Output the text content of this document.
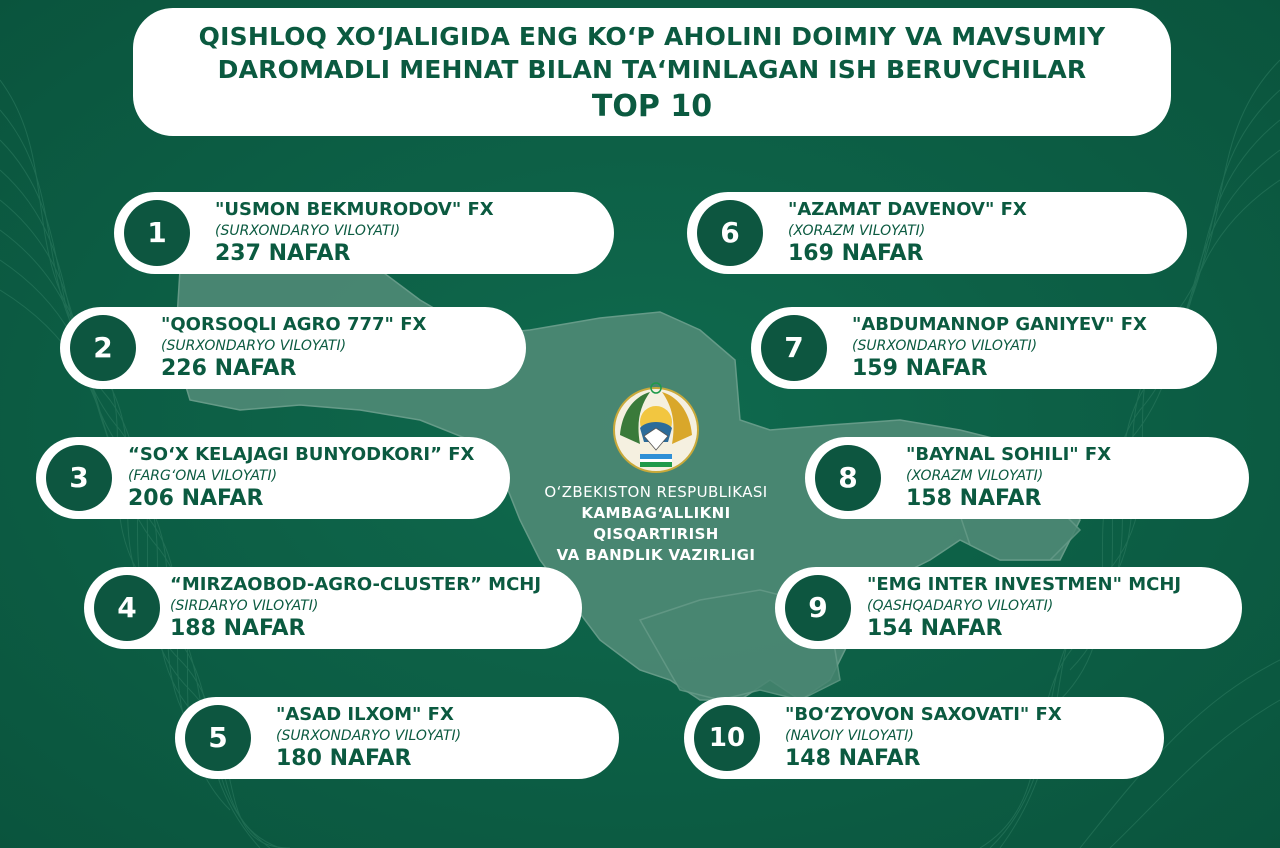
QISHLOQ XO‘JALIGIDA ENG KO‘P AHOLINI DOIMIY VA MAVSUMIY
DAROMADLI MEHNAT BILAN TA‘MINLAGAN ISH BERUVCHILAR
TOP 10
O‘ZBEKISTON RESPUBLIKASI
KAMBAG‘ALLIKNI QISQARTIRISH
VA BANDLIK VAZIRLIGI
1
"USMON BEKMURODOV" FX
(SURXONDARYO VILOYATI)
237 NAFAR
2
"QORSOQLI AGRO 777" FX
(SURXONDARYO VILOYATI)
226 NAFAR
3
“SO‘X KELAJAGI BUNYODKORI” FX
(FARG‘ONA VILOYATI)
206 NAFAR
4
“MIRZAOBOD-AGRO-CLUSTER” MCHJ
(SIRDARYO VILOYATI)
188 NAFAR
5
"ASAD ILXOM" FX
(SURXONDARYO VILOYATI)
180 NAFAR
6
"AZAMAT DAVENOV" FX
(XORAZM VILOYATI)
169 NAFAR
7
"ABDUMANNOP GANIYEV" FX
(SURXONDARYO VILOYATI)
159 NAFAR
8
"BAYNAL SOHILI" FX
(XORAZM VILOYATI)
158 NAFAR
9
"EMG INTER INVESTMEN" MCHJ
(QASHQADARYO VILOYATI)
154 NAFAR
10
"BO‘ZYOVON SAXOVATI" FX
(NAVOIY VILOYATI)
148 NAFAR
